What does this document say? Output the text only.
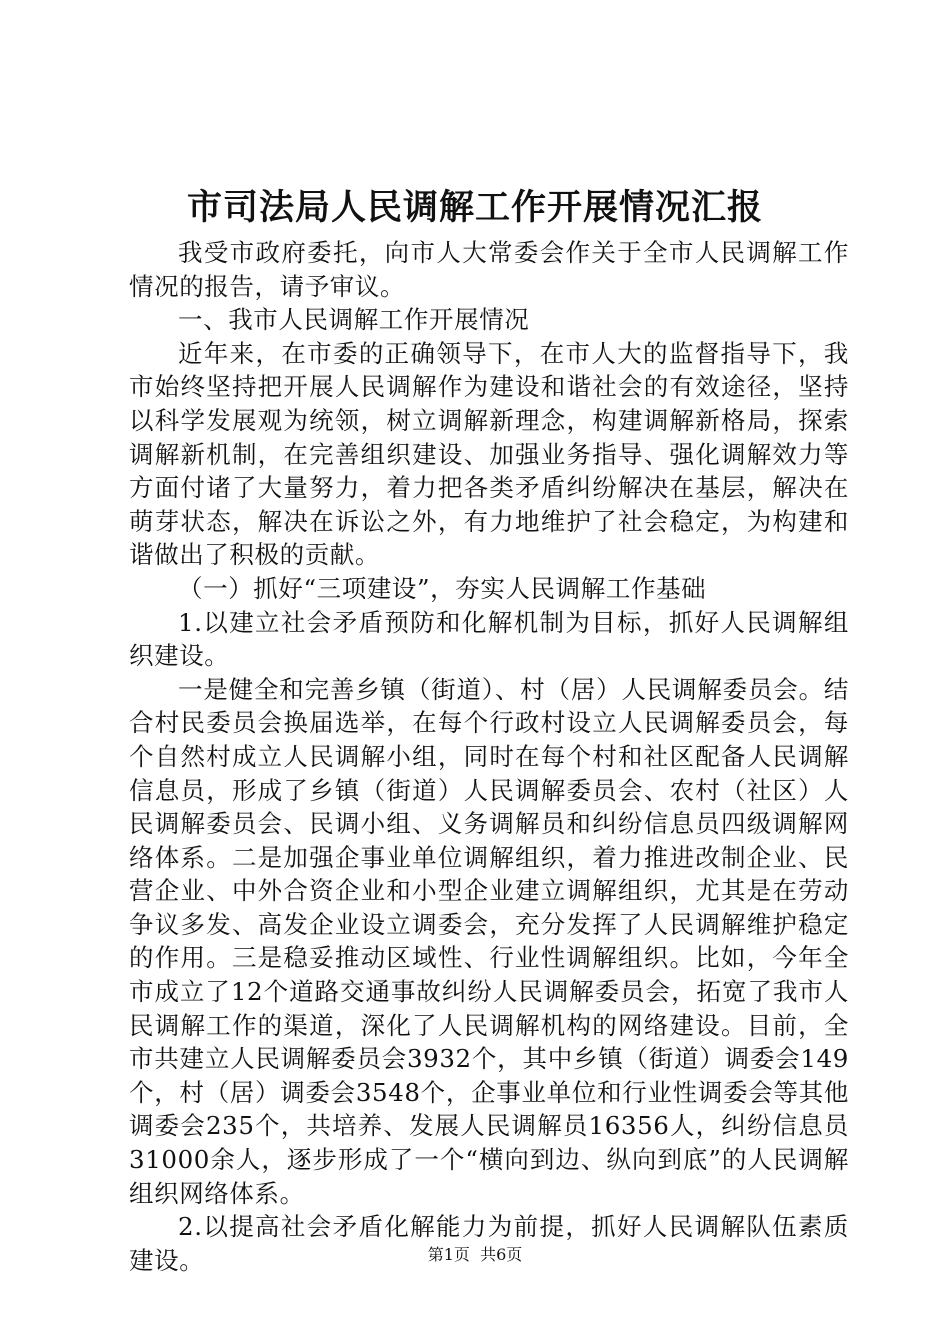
市司法局人民调解工作开展情况汇报

我受市政府委托，向市人大常委会作关于全市人民调解工作情况的报告，请予审议。

一、我市人民调解工作开展情况

近年来，在市委的正确领导下，在市人大的监督指导下，我市始终坚持把开展人民调解作为建设和谐社会的有效途径，坚持以科学发展观为统领，树立调解新理念，构建调解新格局，探索调解新机制，在完善组织建设、加强业务指导、强化调解效力等方面付诸了大量努力，着力把各类矛盾纠纷解决在基层，解决在萌芽状态，解决在诉讼之外，有力地维护了社会稳定，为构建和谐做出了积极的贡献。

（一）抓好“三项建设”，夯实人民调解工作基础

1.以建立社会矛盾预防和化解机制为目标，抓好人民调解组织建设。

一是健全和完善乡镇（街道）、村（居）人民调解委员会。结合村民委员会换届选举，在每个行政村设立人民调解委员会，每个自然村成立人民调解小组，同时在每个村和社区配备人民调解信息员，形成了乡镇（街道）人民调解委员会、农村（社区）人民调解委员会、民调小组、义务调解员和纠纷信息员四级调解网络体系。二是加强企事业单位调解组织，着力推进改制企业、民营企业、中外合资企业和小型企业建立调解组织，尤其是在劳动争议多发、高发企业设立调委会，充分发挥了人民调解维护稳定的作用。三是稳妥推动区域性、行业性调解组织。比如，今年全市成立了12个道路交通事故纠纷人民调解委员会，拓宽了我市人民调解工作的渠道，深化了人民调解机构的网络建设。目前，全市共建立人民调解委员会3932个，其中乡镇（街道）调委会149个，村（居）调委会3548个，企事业单位和行业性调委会等其他调委会235个，共培养、发展人民调解员16356人，纠纷信息员31000余人，逐步形成了一个“横向到边、纵向到底”的人民调解组织网络体系。

2.以提高社会矛盾化解能力为前提，抓好人民调解队伍素质建设。	第1页 共6页
